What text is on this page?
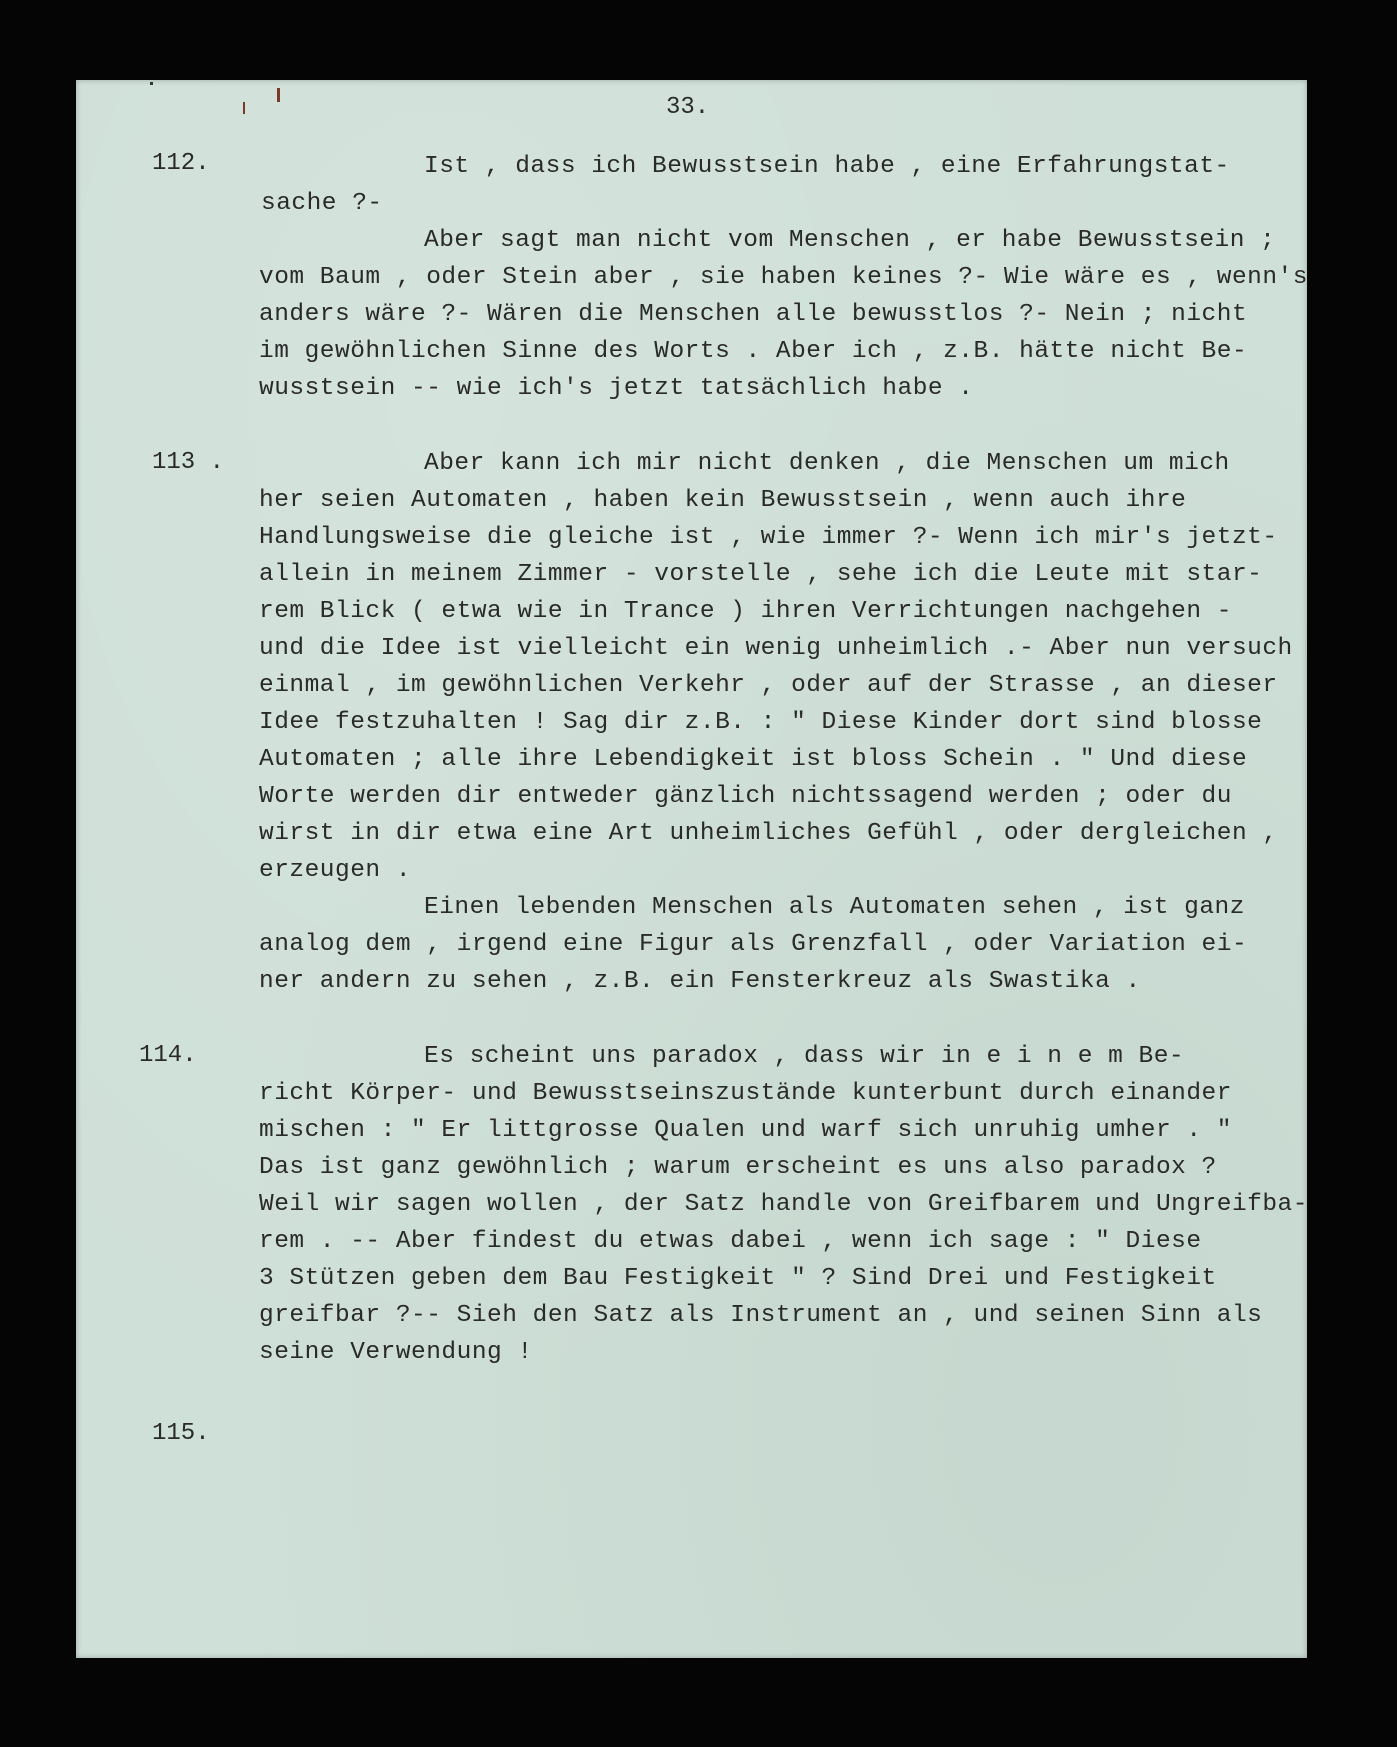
33.
112.	Ist , dass ich Bewusstsein habe , eine Erfahrungstat-
sache ?-
Aber sagt man nicht vom Menschen , er habe Bewusstsein ;
vom Baum , oder Stein aber , sie haben keines ?- Wie wäre es , wenn's
anders wäre ?- Wären die Menschen alle bewusstlos ?- Nein ; nicht
im gewöhnlichen Sinne des Worts . Aber ich , z.B. hätte nicht Be-
wusstsein -- wie ich's jetzt tatsächlich habe .
113 .	Aber kann ich mir nicht denken , die Menschen um mich
her seien Automaten , haben kein Bewusstsein , wenn auch ihre
Handlungsweise die gleiche ist , wie immer ?- Wenn ich mir's jetzt-
allein in meinem Zimmer - vorstelle , sehe ich die Leute mit star-
rem Blick ( etwa wie in Trance ) ihren Verrichtungen nachgehen -
und die Idee ist vielleicht ein wenig unheimlich .- Aber nun versuch
einmal , im gewöhnlichen Verkehr , oder auf der Strasse , an dieser
Idee festzuhalten ! Sag dir z.B. : " Diese Kinder dort sind blosse
Automaten ; alle ihre Lebendigkeit ist bloss Schein . " Und diese
Worte werden dir entweder gänzlich nichtssagend werden ; oder du
wirst in dir etwa eine Art unheimliches Gefühl , oder dergleichen ,
erzeugen .
Einen lebenden Menschen als Automaten sehen , ist ganz
analog dem , irgend eine Figur als Grenzfall , oder Variation ei-
ner andern zu sehen , z.B. ein Fensterkreuz als Swastika .
114.	Es scheint uns paradox , dass wir in e i n e m Be-
richt Körper- und Bewusstseinszustände kunterbunt durch einander
mischen : " Er littgrosse Qualen und warf sich unruhig umher . "
Das ist ganz gewöhnlich ; warum erscheint es uns also paradox ?
Weil wir sagen wollen , der Satz handle von Greifbarem und Ungreifba-
rem . -- Aber findest du etwas dabei , wenn ich sage : " Diese
3 Stützen geben dem Bau Festigkeit " ? Sind Drei und Festigkeit
greifbar ?-- Sieh den Satz als Instrument an , und seinen Sinn als
seine Verwendung !
115.
